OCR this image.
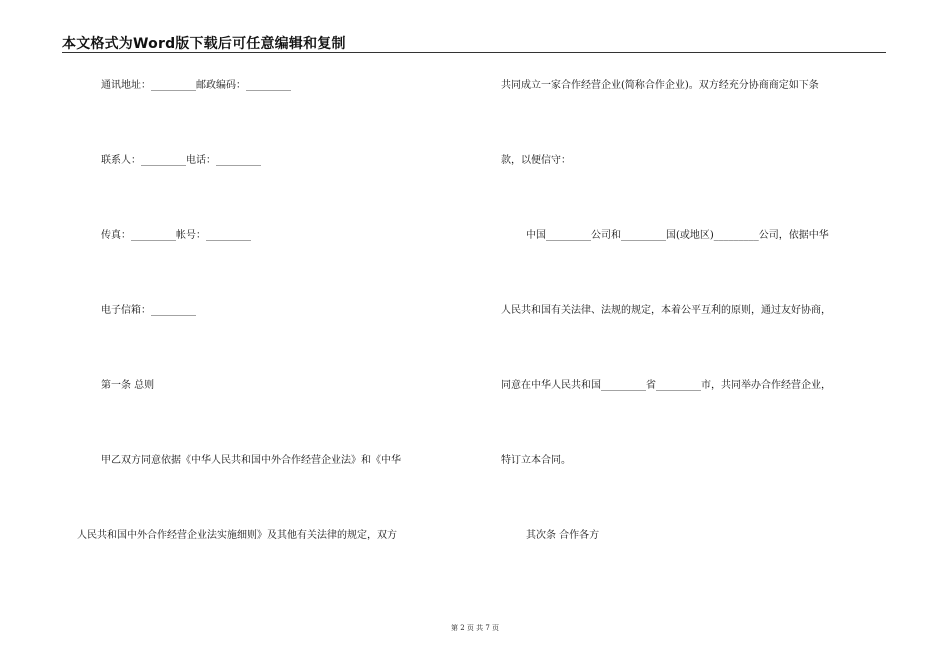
本文格式为Word版下载后可任意编辑和复制
通讯地址：_________邮政编码：_________
联系人：_________电话：_________
传真：_________帐号：_________
电子信箱：_________
第一条 总则
甲乙双方同意依据《中华人民共和国中外合作经营企业法》和《中华
人民共和国中外合作经营企业法实施细则》及其他有关法律的规定，双方
共同成立一家合作经营企业(简称合作企业)。双方经充分协商商定如下条
款，以便信守：
中国_________公司和_________国(或地区)_________公司，依据中华
人民共和国有关法律、法规的规定，本着公平互利的原则，通过友好协商，
同意在中华人民共和国_________省_________市，共同举办合作经营企业，
特订立本合同。
其次条 合作各方
第 2 页 共 7 页
